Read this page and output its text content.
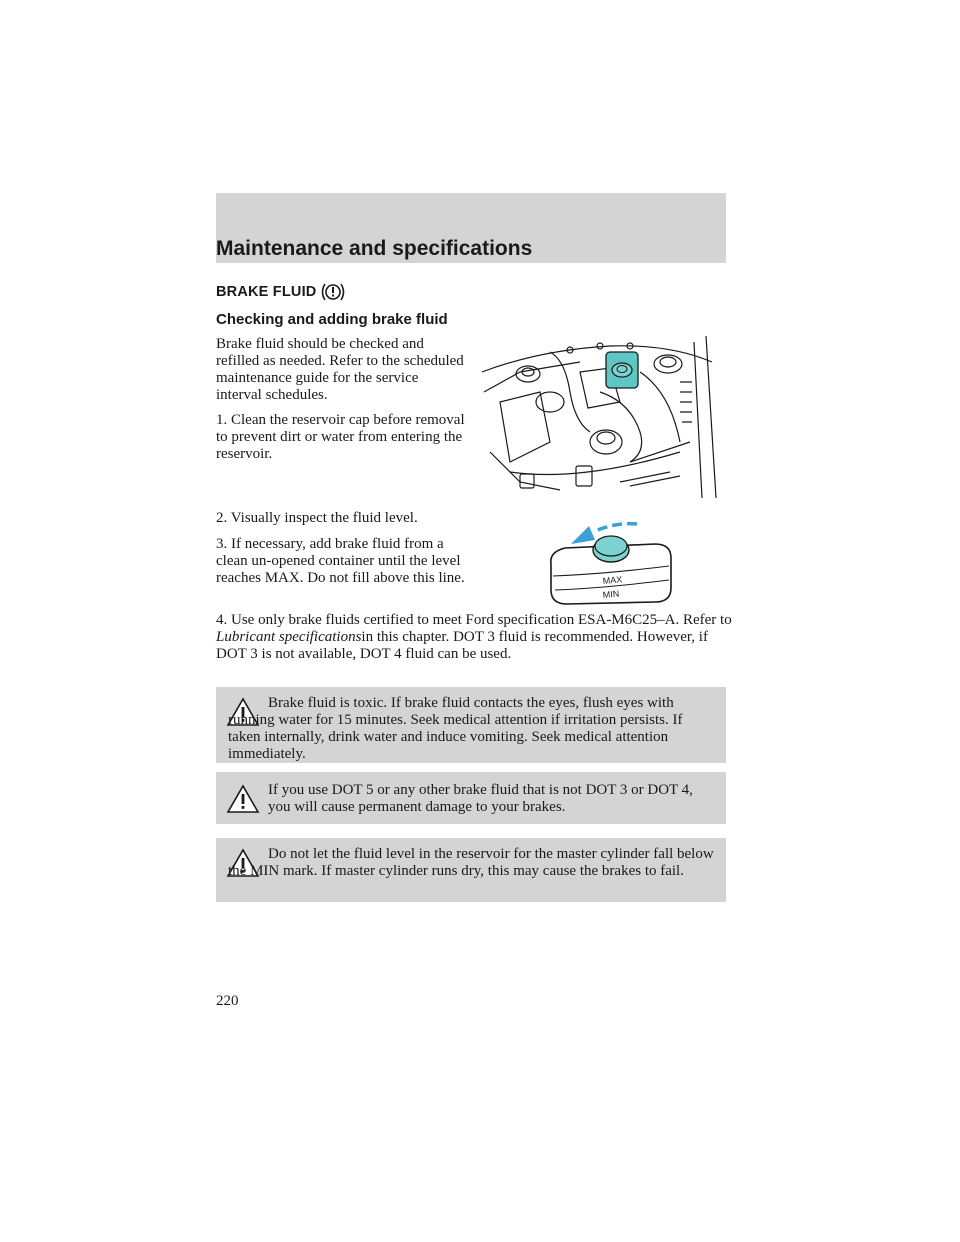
Maintenance and specifications
BRAKE FLUID
Checking and adding brake fluid

Brake fluid should be checked and refilled as needed. Refer to the scheduled maintenance guide for the service interval schedules.

1. Clean the reservoir cap before removal to prevent dirt or water from entering the reservoir.

2. Visually inspect the fluid level.

3. If necessary, add brake fluid from a clean un-opened container until the level reaches MAX. Do not fill above this line.

4. Use only brake fluids certified to meet Ford specification ESA-M6C25–A. Refer to Lubricant specificationsin this chapter. DOT 3 fluid is recommended. However, if DOT 3 is not available, DOT 4 fluid can be used.

MAX
MIN

Brake fluid is toxic. If brake fluid contacts the eyes, flush eyes with running water for 15 minutes. Seek medical attention if irritation persists. If taken internally, drink water and induce vomiting. Seek medical attention immediately.

If you use DOT 5 or any other brake fluid that is not DOT 3 or DOT 4, you will cause permanent damage to your brakes.

Do not let the fluid level in the reservoir for the master cylinder fall below the MIN mark. If master cylinder runs dry, this may cause the brakes to fail.

220
